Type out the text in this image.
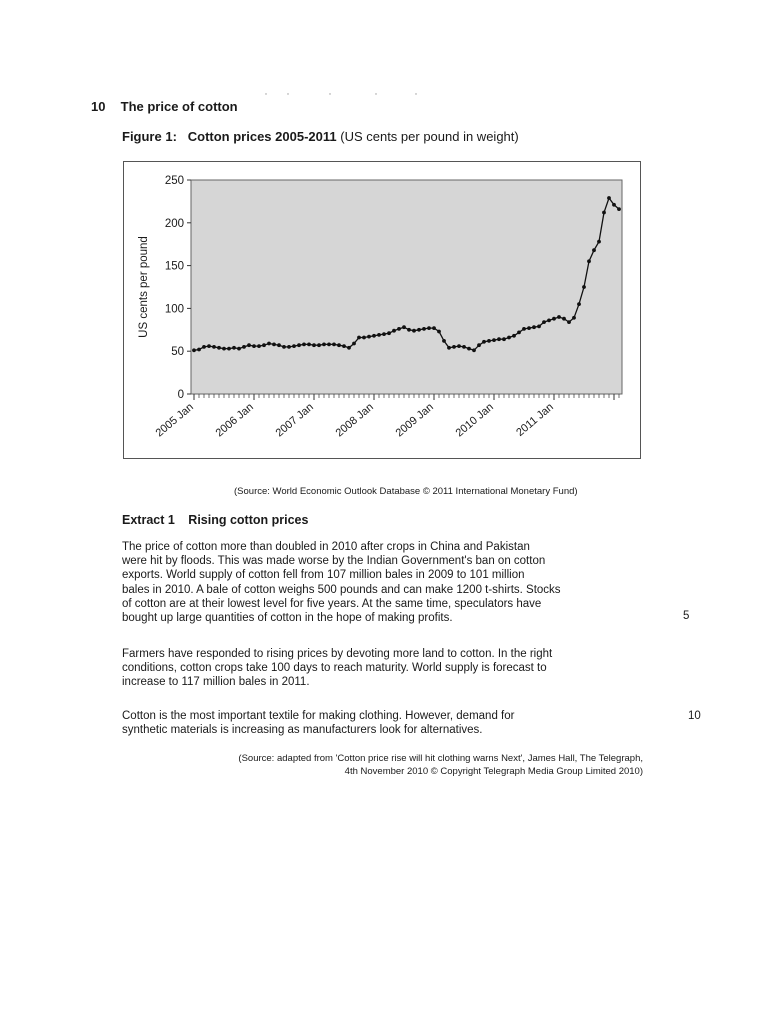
10 The price of cotton
Figure 1: Cotton prices 2005-2011 (US cents per pound in weight)
0
50
100
150
200
250
US cents per pound
2005 Jan 2006 Jan 2007 Jan 2008 Jan 2009 Jan 2010 Jan 2011 Jan
(Source: World Economic Outlook Database © 2011 International Monetary Fund)
Extract 1 Rising cotton prices
The price of cotton more than doubled in 2010 after crops in China and Pakistan
were hit by floods. This was made worse by the Indian Government's ban on cotton
exports. World supply of cotton fell from 107 million bales in 2009 to 101 million
bales in 2010. A bale of cotton weighs 500 pounds and can make 1200 t-shirts. Stocks
of cotton are at their lowest level for five years. At the same time, speculators have
bought up large quantities of cotton in the hope of making profits.	5
Farmers have responded to rising prices by devoting more land to cotton. In the right
conditions, cotton crops take 100 days to reach maturity. World supply is forecast to
increase to 117 million bales in 2011.
Cotton is the most important textile for making clothing. However, demand for
synthetic materials is increasing as manufacturers look for alternatives.
10
(Source: adapted from 'Cotton price rise will hit clothing warns Next', James Hall, The Telegraph,
4th November 2010 © Copyright Telegraph Media Group Limited 2010)
